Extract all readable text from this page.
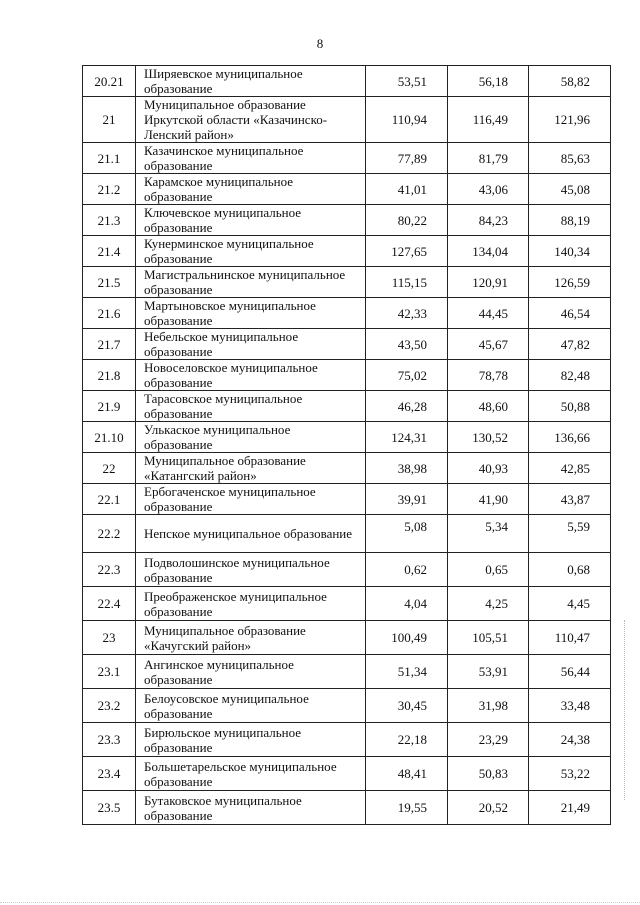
8
20.21	Ширяевское муниципальное образование	53,51	56,18	58,82
21	Муниципальное образование Иркутской области «Казачинско-Ленский район»	110,94	116,49	121,96
21.1	Казачинское муниципальное образование	77,89	81,79	85,63
21.2	Карамское муниципальное образование	41,01	43,06	45,08
21.3	Ключевское муниципальное образование	80,22	84,23	88,19
21.4	Кунерминское муниципальное образование	127,65	134,04	140,34
21.5	Магистральнинское муниципальное образование	115,15	120,91	126,59
21.6	Мартыновское муниципальное образование	42,33	44,45	46,54
21.7	Небельское муниципальное образование	43,50	45,67	47,82
21.8	Новоселовское муниципальное образование	75,02	78,78	82,48
21.9	Тарасовское муниципальное образование	46,28	48,60	50,88
21.10	Улькаское муниципальное образование	124,31	130,52	136,66
22	Муниципальное образование «Катангский район»	38,98	40,93	42,85
22.1	Ербогаченское муниципальное образование	39,91	41,90	43,87
22.2	Непское муниципальное образование	5,08	5,34	5,59
22.3	Подволошинское муниципальное образование	0,62	0,65	0,68
22.4	Преображенское муниципальное образование	4,04	4,25	4,45
23	Муниципальное образование «Качугский район»	100,49	105,51	110,47
23.1	Ангинское муниципальное образование	51,34	53,91	56,44
23.2	Белоусовское муниципальное образование	30,45	31,98	33,48
23.3	Бирюльское муниципальное образование	22,18	23,29	24,38
23.4	Большетарельское муниципальное образование	48,41	50,83	53,22
23.5	Бутаковское муниципальное образование	19,55	20,52	21,49
